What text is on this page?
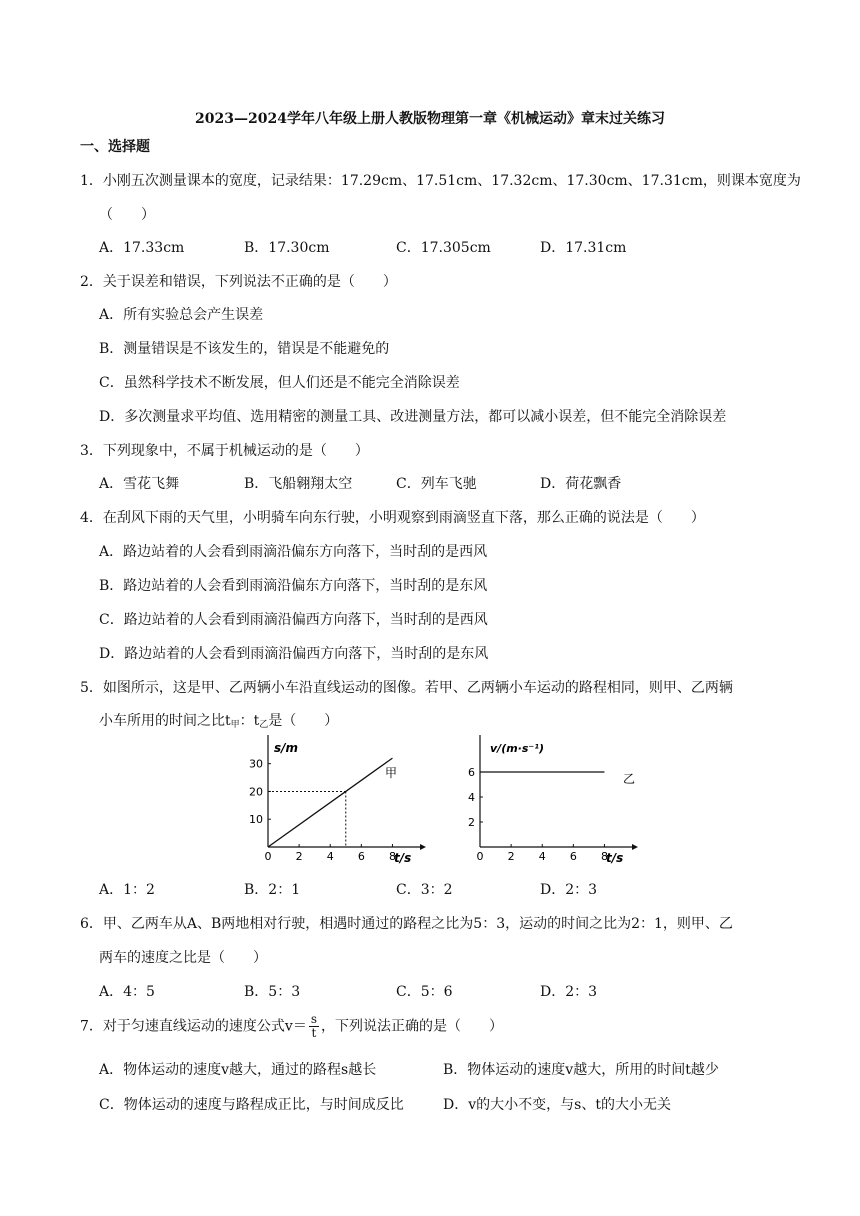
2023—2024学年八年级上册人教版物理第一章《机械运动》章末过关练习
一、选择题
1．小刚五次测量课本的宽度，记录结果：17.29cm、17.51cm、17.32cm、17.30cm、17.31cm，则课本宽度为
（　　）
A．17.33cm	B．17.30cm	C．17.305cm	D．17.31cm
2．关于误差和错误，下列说法不正确的是（　　）
A．所有实验总会产生误差
B．测量错误是不该发生的，错误是不能避免的
C．虽然科学技术不断发展，但人们还是不能完全消除误差
D．多次测量求平均值、选用精密的测量工具、改进测量方法，都可以减小误差，但不能完全消除误差
3．下列现象中，不属于机械运动的是（　　）
A．雪花飞舞	B．飞船翱翔太空	C．列车飞驰	D．荷花飘香
4．在刮风下雨的天气里，小明骑车向东行驶，小明观察到雨滴竖直下落，那么正确的说法是（　　）
A．路边站着的人会看到雨滴沿偏东方向落下，当时刮的是西风
B．路边站着的人会看到雨滴沿偏东方向落下，当时刮的是东风
C．路边站着的人会看到雨滴沿偏西方向落下，当时刮的是西风
D．路边站着的人会看到雨滴沿偏西方向落下，当时刮的是东风
5．如图所示，这是甲、乙两辆小车沿直线运动的图像。若甲、乙两辆小车运动的路程相同，则甲、乙两辆
小车所用的时间之比$t_甲$：$t_乙$是（　　）
0 2 4 6 8
10
20
30
s/m
t/s
甲
0 2 4 6 8
2
4
6
v/(m·s⁻¹)
t/s
乙
A．1：2	B．2：1	C．3：2	D．2：3
6．甲、乙两车从A、B两地相对行驶，相遇时通过的路程之比为5：3，运动的时间之比为2：1，则甲、乙
两车的速度之比是（　　）
A．4：5	B．5：3	C．5：6	D．2：3
7．对于匀速直线运动的速度公式$v= \frac{s}{t}$ ，下列说法正确的是（　　）
A．物体运动的速度v越大，通过的路程s越长	B．物体运动的速度v越大，所用的时间t越少
C．物体运动的速度与路程成正比，与时间成反比	D．v的大小不变，与s、t的大小无关
